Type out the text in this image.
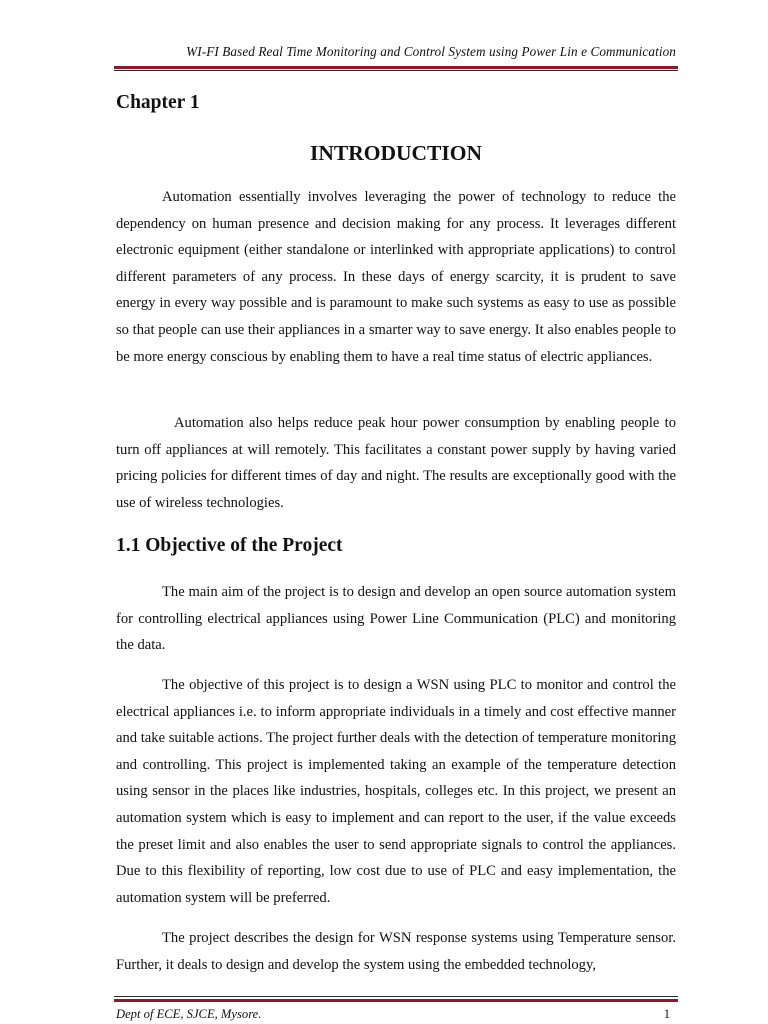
WI-FI Based Real Time Monitoring and Control System using Power Lin e Communication
Chapter 1
INTRODUCTION

Automation essentially involves leveraging the power of technology to reduce the dependency on human presence and decision making for any process. It leverages different electronic equipment (either standalone or interlinked with appropriate applications) to control different parameters of any process. In these days of energy scarcity, it is prudent to save energy in every way possible and is paramount to make such systems as easy to use as possible so that people can use their appliances in a smarter way to save energy. It also enables people to be more energy conscious by enabling them to have a real time status of electric appliances.

Automation also helps reduce peak hour power consumption by enabling people to turn off appliances at will remotely. This facilitates a constant power supply by having varied pricing policies for different times of day and night. The results are exceptionally good with the use of wireless technologies.

1.1 Objective of the Project

The main aim of the project is to design and develop an open source automation system for controlling electrical appliances using Power Line Communication (PLC) and monitoring the data.

The objective of this project is to design a WSN using PLC to monitor and control the electrical appliances i.e. to inform appropriate individuals in a timely and cost effective manner and take suitable actions. The project further deals with the detection of temperature monitoring and controlling. This project is implemented taking an example of the temperature detection using sensor in the places like industries, hospitals, colleges etc. In this project, we present an automation system which is easy to implement and can report to the user, if the value exceeds the preset limit and also enables the user to send appropriate signals to control the appliances. Due to this flexibility of reporting, low cost due to use of PLC and easy implementation, the automation system will be preferred.

The project describes the design for WSN response systems using Temperature sensor. Further, it deals to design and develop the system using the embedded technology,

Dept of ECE, SJCE, Mysore.	1
